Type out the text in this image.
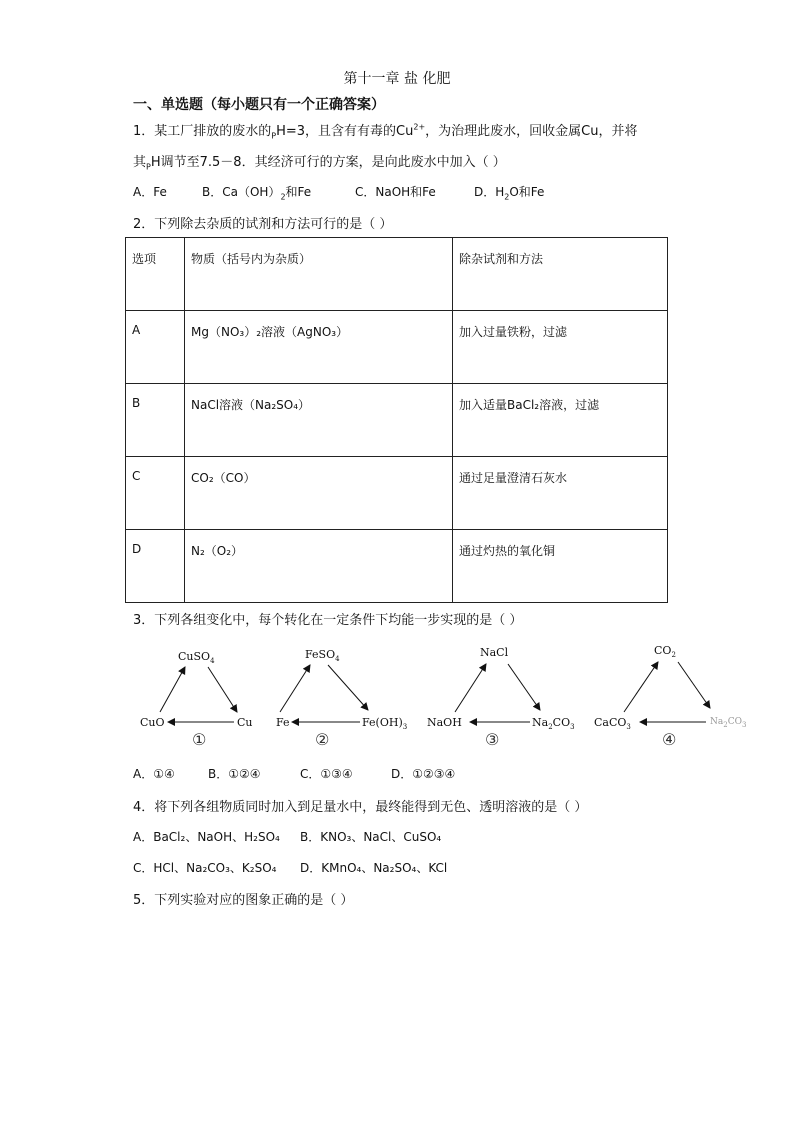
第十一章 盐 化肥
一、单选题（每小题只有一个正确答案）
1．某工厂排放的废水的$_P$H=3，且含有有毒的$Cu^{2+}$，为治理此废水，回收金属Cu，并将
其$_P$H调节至7.5－8．其经济可行的方案，是向此废水中加入（ ）
A．Fe	B．$Ca(OH)_2$和Fe	C．NaOH和Fe	D．$H_2O$和Fe
2．下列除去杂质的试剂和方法可行的是（ ）
选项	物质（括号内为杂质）	除杂试剂和方法
A	Mg（NO₃）₂溶液（AgNO₃）	加入过量铁粉，过滤
B	NaCl溶液（Na₂SO₄）	加入适量BaCl₂溶液，过滤
C	CO₂（CO）	通过足量澄清石灰水
D	N₂（O₂）	通过灼热的氧化铜
3．下列各组变化中，每个转化在一定条件下均能一步实现的是（ ）
CuSO$_4$
CuO	Cu
①
FeSO$_4$
Fe	$Fe(OH)_3$
②
NaCl
NaOH	$Na_2CO_3$
③
$CO_2$
CaCO$_3$	$Na_2CO_3$
④
A．①④	B．①②④	C．①③④	D．①②③④
4．将下列各组物质同时加入到足量水中，最终能得到无色、透明溶液的是（ ）
A．BaCl₂、NaOH、H₂SO₄ B．KNO₃、NaCl、CuSO₄
C．HCl、Na₂CO₃、K₂SO₄ D．KMnO₄、Na₂SO₄、KCl
5．下列实验对应的图象正确的是（ ）
